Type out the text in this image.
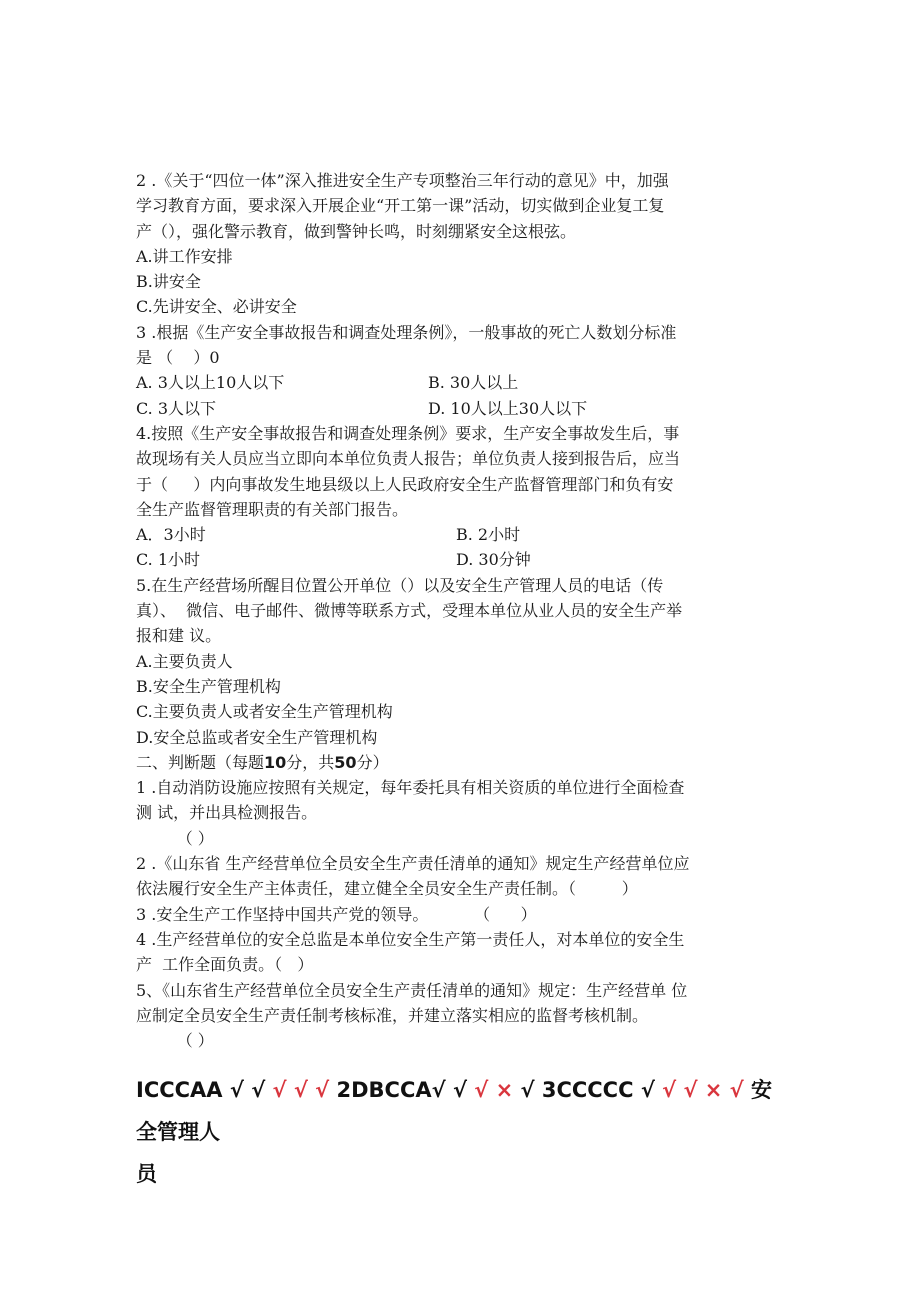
2 .《关于“四位一体”深入推进安全生产专项整治三年行动的意见》中，加强
学习教育方面，要求深入开展企业“开工第一课”活动，切实做到企业复工复
产（），强化警示教育，做到警钟长鸣，时刻绷紧安全这根弦。
A.讲工作安排
B.讲安全
C.先讲安全、必讲安全
3 .根据《生产安全事故报告和调查处理条例》，一般事故的死亡人数划分标准
是 （    ）0
A. 3人以上10人以下	B. 30人以上
C. 3人以下	D. 10人以上30人以下
4.按照《生产安全事故报告和调查处理条例》要求，生产安全事故发生后，事
故现场有关人员应当立即向本单位负责人报告；单位负责人接到报告后，应当
于（     ）内向事故发生地县级以上人民政府安全生产监督管理部门和负有安
全生产监督管理职责的有关部门报告。
A．3小时	B. 2小时
C. 1小时	D. 30分钟
5.在生产经营场所醒目位置公开单位（）以及安全生产管理人员的电话（传
真）、  微信、电子邮件、微博等联系方式，受理本单位从业人员的安全生产举
报和建 议。
A.主要负责人
B.安全生产管理机构
C.主要负责人或者安全生产管理机构
D.安全总监或者安全生产管理机构
二、判断题（每题10分，共50分）
1 .自动消防设施应按照有关规定，每年委托具有相关资质的单位进行全面检查
测 试，并出具检测报告。
（ ）
2 .《山东省 生产经营单位全员安全生产责任清单的通知》规定生产经营单位应
依法履行安全生产主体责任，建立健全全员安全生产责任制。（         ）
3 .安全生产工作坚持中国共产党的领导。         （      ）
4 .生产经营单位的安全总监是本单位安全生产第一责任人，对本单位的安全生
产  工作全面负责。（   ）
5、《山东省生产经营单位全员安全生产责任清单的通知》规定：生产经营单 位
应制定全员安全生产责任制考核标准，并建立落实相应的监督考核机制。
（ ）
ICCCAA √ √ √ √ √ 2DBCCA√ √ √ × √ 3CCCCC √ √ √ × √ 安全管理人
员
